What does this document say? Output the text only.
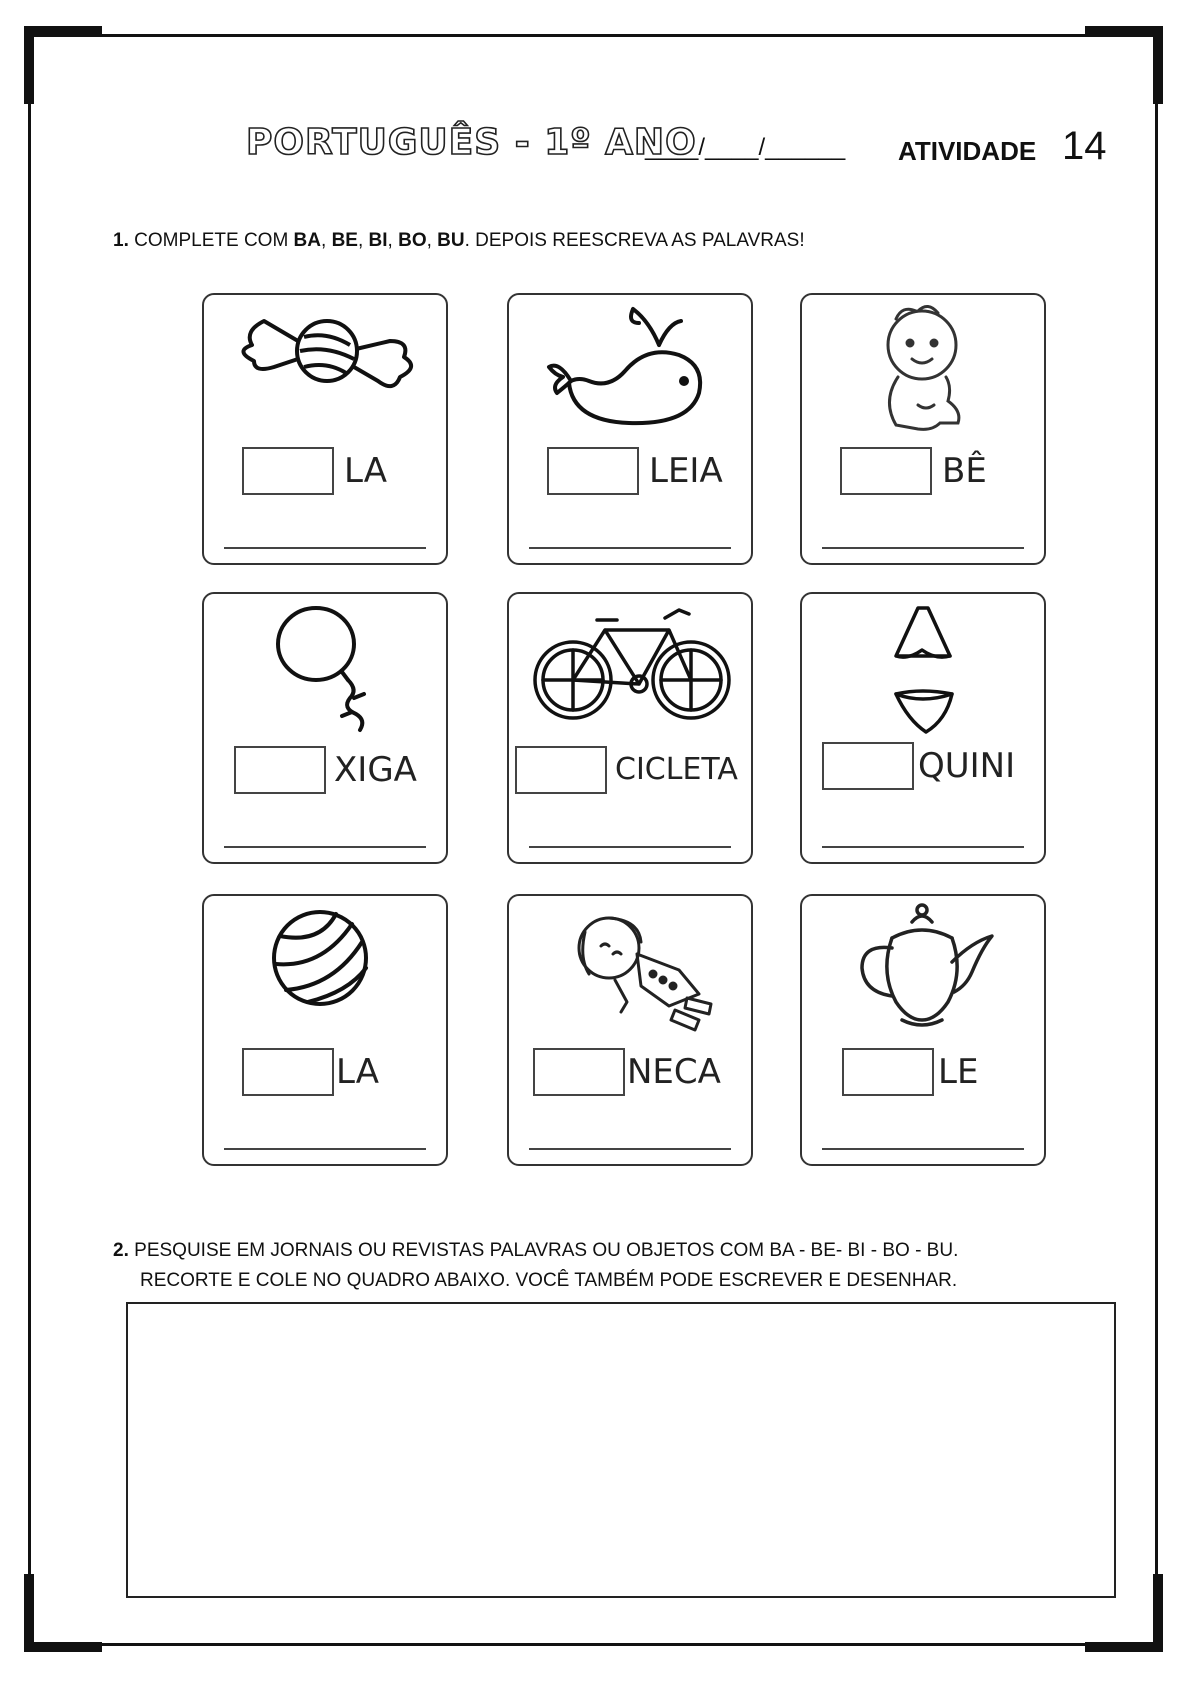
PORTUGUÊS - 1º ANO
____/____/______ ATIVIDADE 14
1. COMPLETE COM BA, BE, BI, BO, BU. DEPOIS REESCREVA AS PALAVRAS!
LA	LEIA	BÊ
XIGA	CICLETA	QUINI
LA	NECA	LE
2. PESQUISE EM JORNAIS OU REVISTAS PALAVRAS OU OBJETOS COM BA - BE- BI - BO - BU.
RECORTE E COLE NO QUADRO ABAIXO. VOCÊ TAMBÉM PODE ESCREVER E DESENHAR.
